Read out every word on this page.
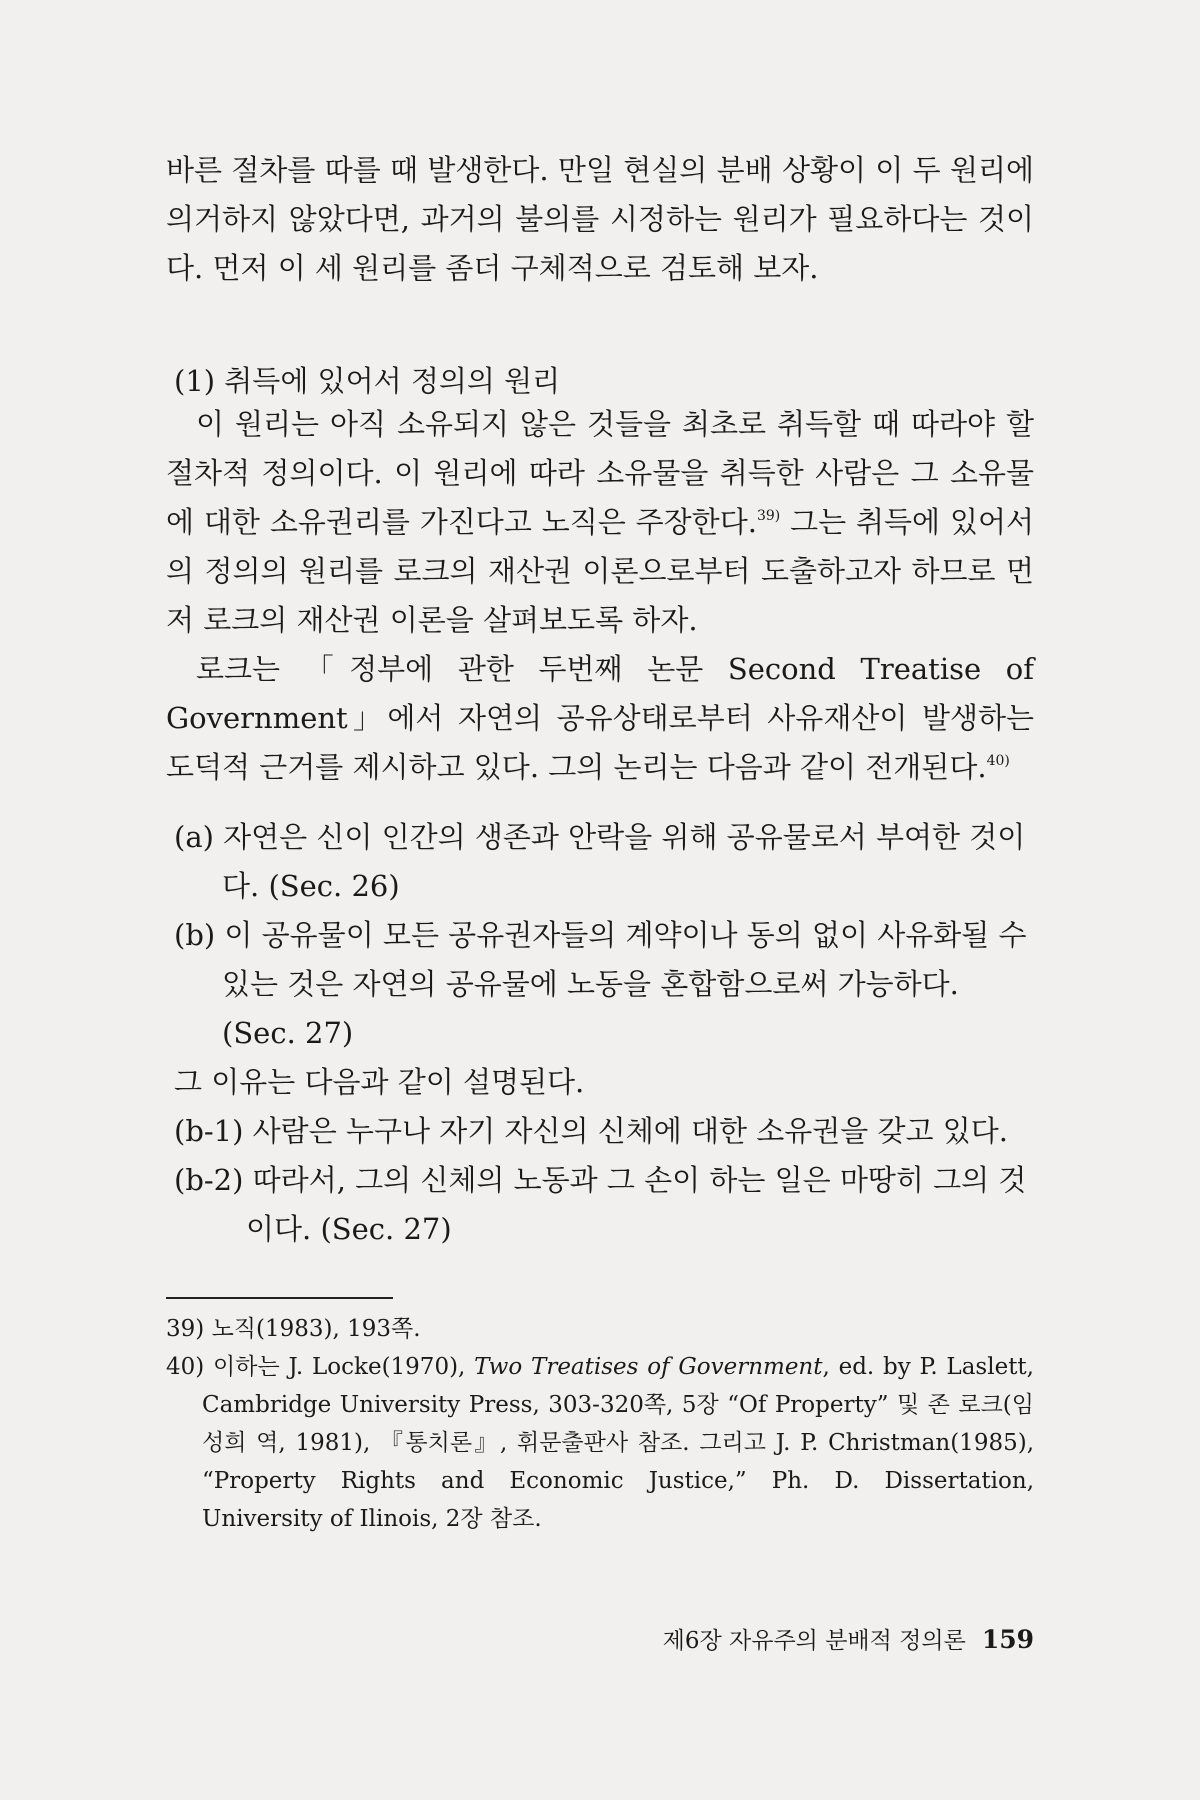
바른 절차를 따를 때 발생한다. 만일 현실의 분배 상황이 이 두 원리에 의거하지 않았다면, 과거의 불의를 시정하는 원리가 필요하다는 것이다. 먼저 이 세 원리를 좀더 구체적으로 검토해 보자.

(1) 취득에 있어서 정의의 원리

이 원리는 아직 소유되지 않은 것들을 최초로 취득할 때 따라야 할 절차적 정의이다. 이 원리에 따라 소유물을 취득한 사람은 그 소유물에 대한 소유권리를 가진다고 노직은 주장한다.$^{39)}$ 그는 취득에 있어서의 정의의 원리를 로크의 재산권 이론으로부터 도출하고자 하므로 먼저 로크의 재산권 이론을 살펴보도록 하자.

로크는 「정부에 관한 두번째 논문 Second Treatise of Government」에서 자연의 공유상태로부터 사유재산이 발생하는 도덕적 근거를 제시하고 있다. 그의 논리는 다음과 같이 전개된다.$^{40)}$

(a) 자연은 신이 인간의 생존과 안락을 위해 공유물로서 부여한 것이다. (Sec. 26)

(b) 이 공유물이 모든 공유권자들의 계약이나 동의 없이 사유화될 수 있는 것은 자연의 공유물에 노동을 혼합함으로써 가능하다. (Sec. 27)

그 이유는 다음과 같이 설명된다.

(b-1) 사람은 누구나 자기 자신의 신체에 대한 소유권을 갖고 있다.

(b-2) 따라서, 그의 신체의 노동과 그 손이 하는 일은 마땅히 그의 것이다. (Sec. 27)

39) 노직(1983), 193쪽.

40) 이하는 J. Locke(1970), Two Treatises of Government, ed. by P. Laslett, Cambridge University Press, 303-320쪽, 5장 “Of Property” 및 존 로크(임성희 역, 1981), 『통치론』, 휘문출판사 참조. 그리고 J. P. Christman(1985), “Property Rights and Economic Justice,” Ph. D. Dissertation, University of Ilinois, 2장 참조.

제6장 자유주의 분배적 정의론 159
